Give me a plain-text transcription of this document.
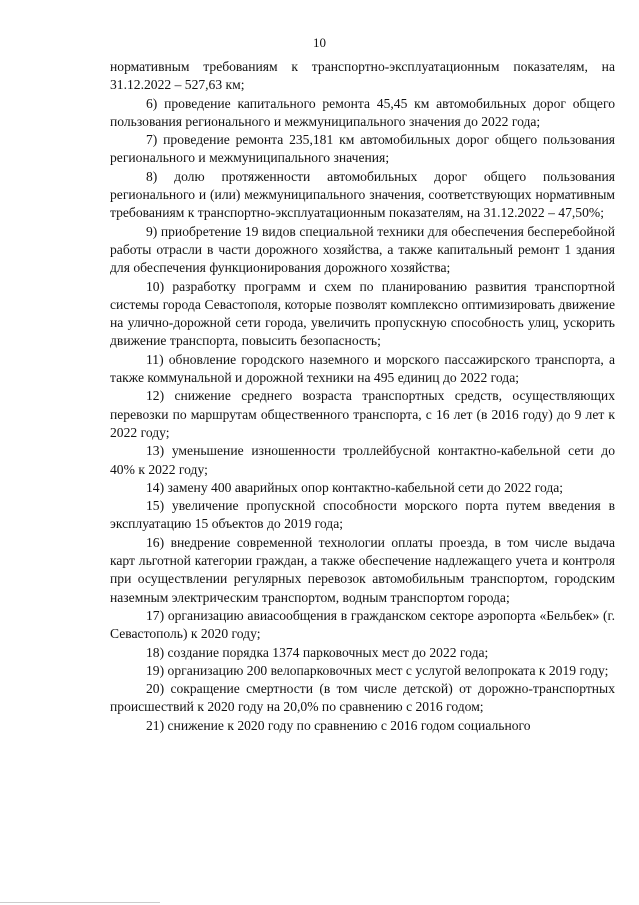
10

нормативным требованиям к транспортно-эксплуатационным показателям, на 31.12.2022 – 527,63 км;

6) проведение капитального ремонта 45,45 км автомобильных дорог общего пользования регионального и межмуниципального значения до 2022 года;

7) проведение ремонта 235,181 км автомобильных дорог общего пользования регионального и межмуниципального значения;

8) долю протяженности автомобильных дорог общего пользования регионального и (или) межмуниципального значения, соответствующих нормативным требованиям к транспортно-эксплуатационным показателям, на 31.12.2022 – 47,50%;

9) приобретение 19 видов специальной техники для обеспечения бесперебойной работы отрасли в части дорожного хозяйства, а также капитальный ремонт 1 здания для обеспечения функционирования дорожного хозяйства;

10) разработку программ и схем по планированию развития транспортной системы города Севастополя, которые позволят комплексно оптимизировать движение на улично-дорожной сети города, увеличить пропускную способность улиц, ускорить движение транспорта, повысить безопасность;

11) обновление городского наземного и морского пассажирского транспорта, а также коммунальной и дорожной техники на 495 единиц до 2022 года;

12) снижение среднего возраста транспортных средств, осуществляющих перевозки по маршрутам общественного транспорта, с 16 лет (в 2016 году) до 9 лет к 2022 году;

13) уменьшение изношенности троллейбусной контактно-кабельной сети до 40% к 2022 году;

14) замену 400 аварийных опор контактно-кабельной сети до 2022 года;

15) увеличение пропускной способности морского порта путем введения в эксплуатацию 15 объектов до 2019 года;

16) внедрение современной технологии оплаты проезда, в том числе выдача карт льготной категории граждан, а также обеспечение надлежащего учета и контроля при осуществлении регулярных перевозок автомобильным транспортом, городским наземным электрическим транспортом, водным транспортом города;

17) организацию авиасообщения в гражданском секторе аэропорта «Бельбек» (г. Севастополь) к 2020 году;

18) создание порядка 1374 парковочных мест до 2022 года;

19) организацию 200 велопарковочных мест с услугой велопроката к 2019 году;

20) сокращение смертности (в том числе детской) от дорожно-транспортных происшествий к 2020 году на 20,0% по сравнению с 2016 годом;

21) снижение к 2020 году по сравнению с 2016 годом социального
